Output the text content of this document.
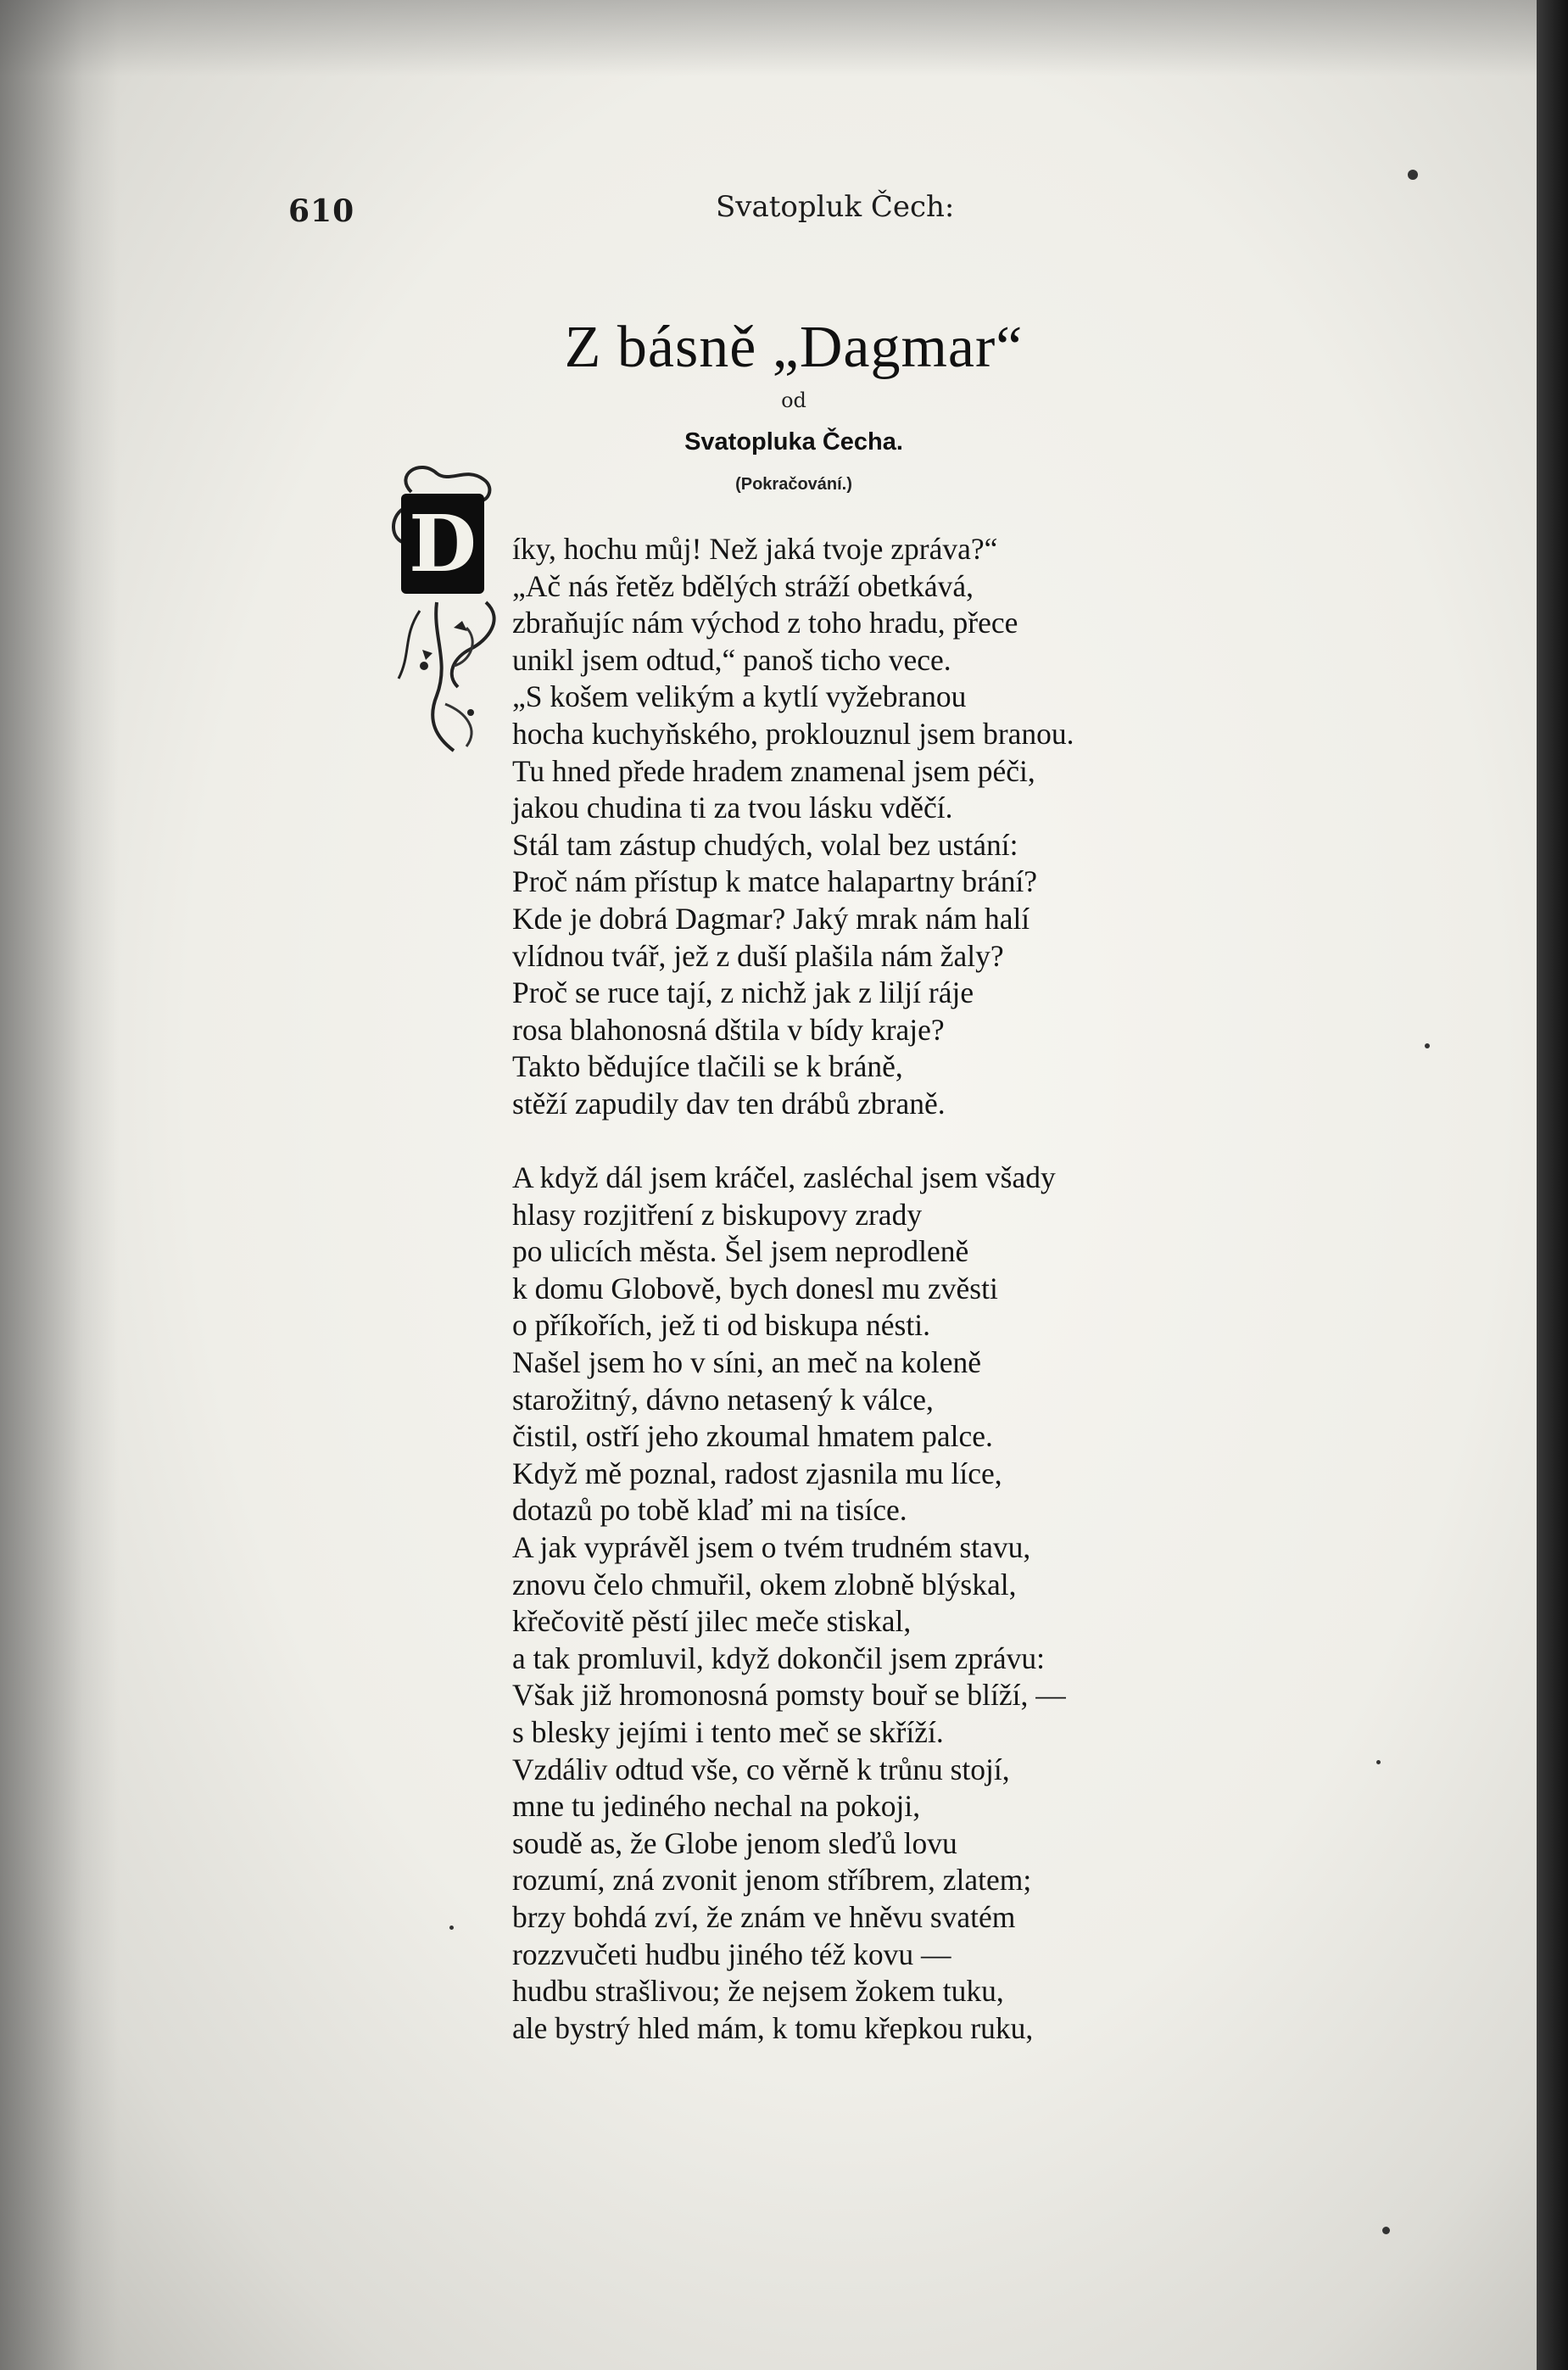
610	Svatopluk Čech:
Z básně „Dagmar“
od
Svatopluka Čecha.
(Pokračování.)
D íky, hochu můj! Než jaká tvoje zpráva?“
„Ač nás řetěz bdělých stráží obetkává,
zbraňujíc nám východ z toho hradu, přece
unikl jsem odtud,“ panoš ticho vece.
„S košem velikým a kytlí vyžebranou
hocha kuchyňského, proklouznul jsem branou.
Tu hned přede hradem znamenal jsem péči,
jakou chudina ti za tvou lásku vděčí.
Stál tam zástup chudých, volal bez ustání:
Proč nám přístup k matce halapartny brání?
Kde je dobrá Dagmar? Jaký mrak nám halí
vlídnou tvář, jež z duší plašila nám žaly?
Proč se ruce tají, z nichž jak z liljí ráje
rosa blahonosná dštila v bídy kraje?
Takto bědujíce tlačili se k bráně,
stěží zapudily dav ten drábů zbraně.
A když dál jsem kráčel, zasléchal jsem všady
hlasy rozjitření z biskupovy zrady
po ulicích města. Šel jsem neprodleně
k domu Globově, bych donesl mu zvěsti
o příkořích, jež ti od biskupa nésti.
Našel jsem ho v síni, an meč na koleně
starožitný, dávno netasený k válce,
čistil, ostří jeho zkoumal hmatem palce.
Když mě poznal, radost zjasnila mu líce,
dotazů po tobě klaď mi na tisíce.
A jak vyprávěl jsem o tvém trudném stavu,
znovu čelo chmuřil, okem zlobně blýskal,
křečovitě pěstí jilec meče stiskal,
a tak promluvil, když dokončil jsem zprávu:
Však již hromonosná pomsty bouř se blíží, —
s blesky jejími i tento meč se skříží.
Vzdáliv odtud vše, co věrně k trůnu stojí,
mne tu jediného nechal na pokoji,
soudě as, že Globe jenom sleďů lovu
rozumí, zná zvonit jenom stříbrem, zlatem;
brzy bohdá zví, že znám ve hněvu svatém
rozzvučeti hudbu jiného též kovu —
hudbu strašlivou; že nejsem žokem tuku,
ale bystrý hled mám, k tomu křepkou ruku,
